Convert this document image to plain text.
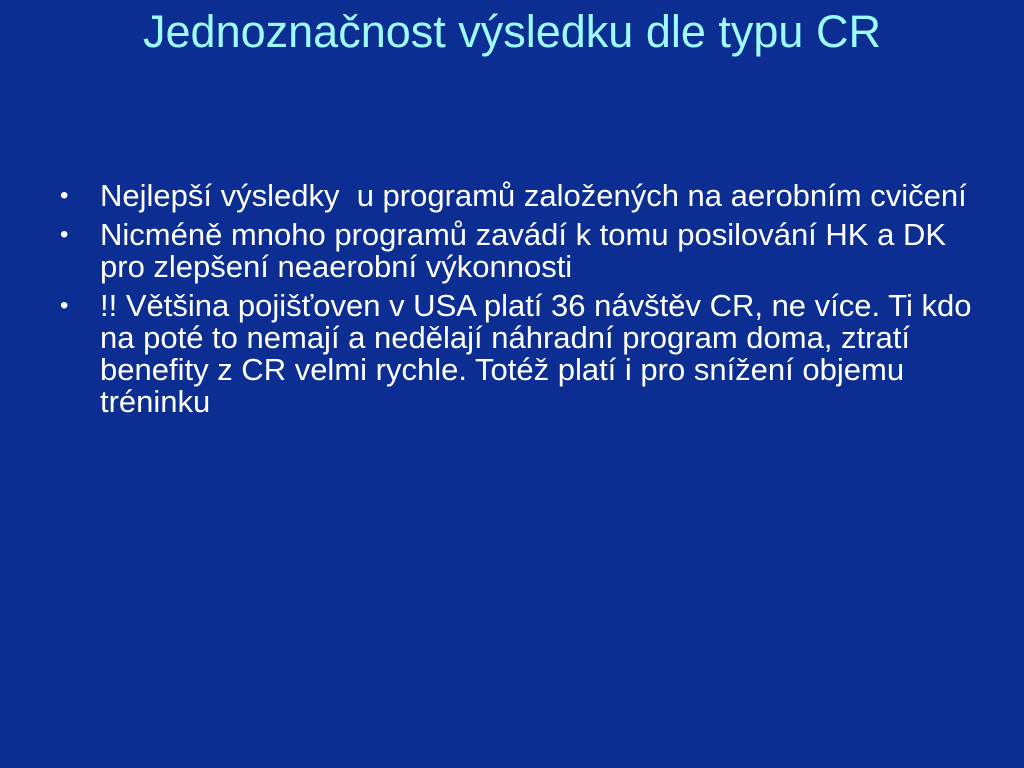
Jednoznačnost výsledku dle typu CR
•	Nejlepší výsledky  u programů založených na aerobním cvičení
•	Nicméně mnoho programů zavádí k tomu posilování HK a DK pro zlepšení neaerobní výkonnosti
•	!! Většina pojišťoven v USA platí 36 návštěv CR, ne více. Ti kdo na poté to nemají a nedělají náhradní program doma, ztratí benefity z CR velmi rychle. Totéž platí i pro snížení objemu tréninku
